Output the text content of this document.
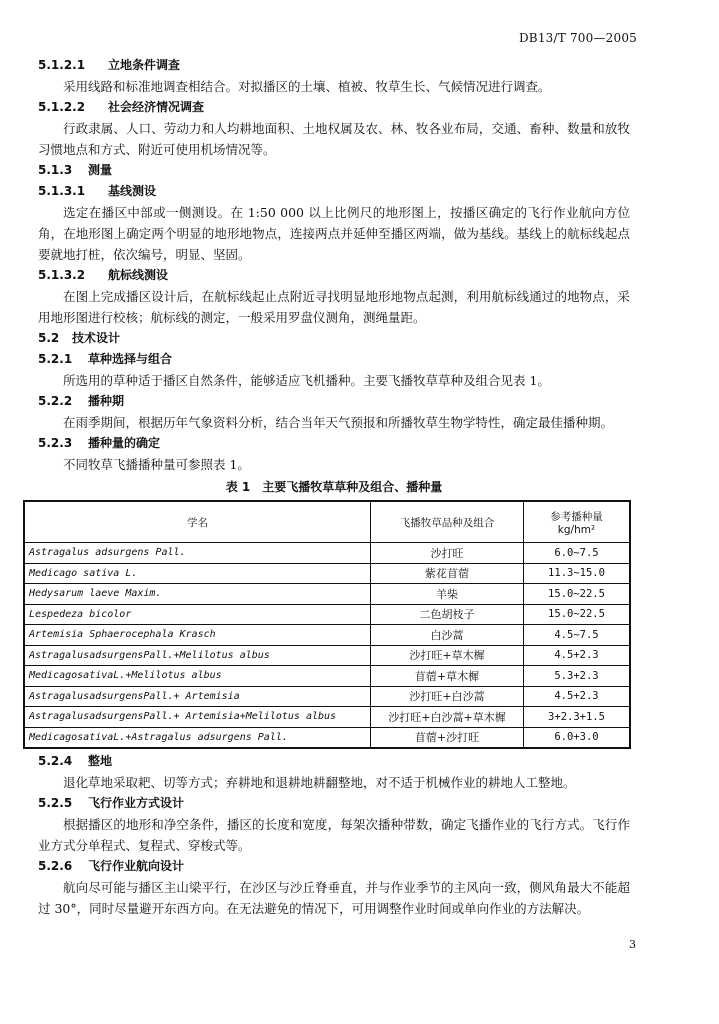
DB13/T 700—2005
5.1.2.1 立地条件调查
采用线路和标准地调查相结合。对拟播区的土壤、植被、牧草生长、气候情况进行调查。
5.1.2.2 社会经济情况调查
行政隶属、人口、劳动力和人均耕地面积、土地权属及农、林、牧各业布局，交通、畜种、数量和放牧习惯地点和方式、附近可使用机场情况等。
5.1.3 测量
5.1.3.1 基线测设
选定在播区中部或一侧测设。在 1:50 000 以上比例尺的地形图上，按播区确定的飞行作业航向方位角，在地形图上确定两个明显的地形地物点，连接两点并延伸至播区两端，做为基线。基线上的航标线起点要就地打桩，依次编号，明显、坚固。
5.1.3.2 航标线测设
在图上完成播区设计后，在航标线起止点附近寻找明显地形地物点起测，利用航标线通过的地物点，采用地形图进行校核；航标线的测定，一般采用罗盘仪测角，测绳量距。
5.2 技术设计
5.2.1 草种选择与组合
所选用的草种适于播区自然条件，能够适应飞机播种。主要飞播牧草草种及组合见表 1。
5.2.2 播种期
在雨季期间，根据历年气象资料分析，结合当年天气预报和所播牧草生物学特性，确定最佳播种期。
5.2.3 播种量的确定
不同牧草飞播播种量可参照表 1。
表 1　主要飞播牧草草种及组合、播种量
学名	飞播牧草品种及组合	参考播种量
kg/hm²
Astragalus adsurgens Pall.	沙打旺	6.0~7.5
Medicago sativa L.	紫花苜蓿	11.3~15.0
Hedysarum laeve Maxim.	羊柴	15.0~22.5
Lespedeza bicolor	二色胡枝子	15.0~22.5
Artemisia Sphaerocephala Krasch	白沙蒿	4.5~7.5
AstragalusadsurgensPall.+Melilotus albus	沙打旺+草木樨	4.5+2.3
MedicagosativaL.+Melilotus albus	苜蓿+草木樨	5.3+2.3
AstragalusadsurgensPall.+ Artemisia	沙打旺+白沙蒿	4.5+2.3
AstragalusadsurgensPall.+ Artemisia+Melilotus albus	沙打旺+白沙蒿+草木樨	3+2.3+1.5
MedicagosativaL.+Astragalus adsurgens Pall.	苜蓿+沙打旺	6.0+3.0
5.2.4 整地
退化草地采取耙、切等方式；弃耕地和退耕地耕翻整地，对不适于机械作业的耕地人工整地。
5.2.5 飞行作业方式设计
根据播区的地形和净空条件，播区的长度和宽度，每架次播种带数，确定飞播作业的飞行方式。飞行作业方式分单程式、复程式、穿梭式等。
5.2.6 飞行作业航向设计
航向尽可能与播区主山梁平行，在沙区与沙丘脊垂直，并与作业季节的主风向一致，侧风角最大不能超过 30°，同时尽量避开东西方向。在无法避免的情况下，可用调整作业时间或单向作业的方法解决。
3
